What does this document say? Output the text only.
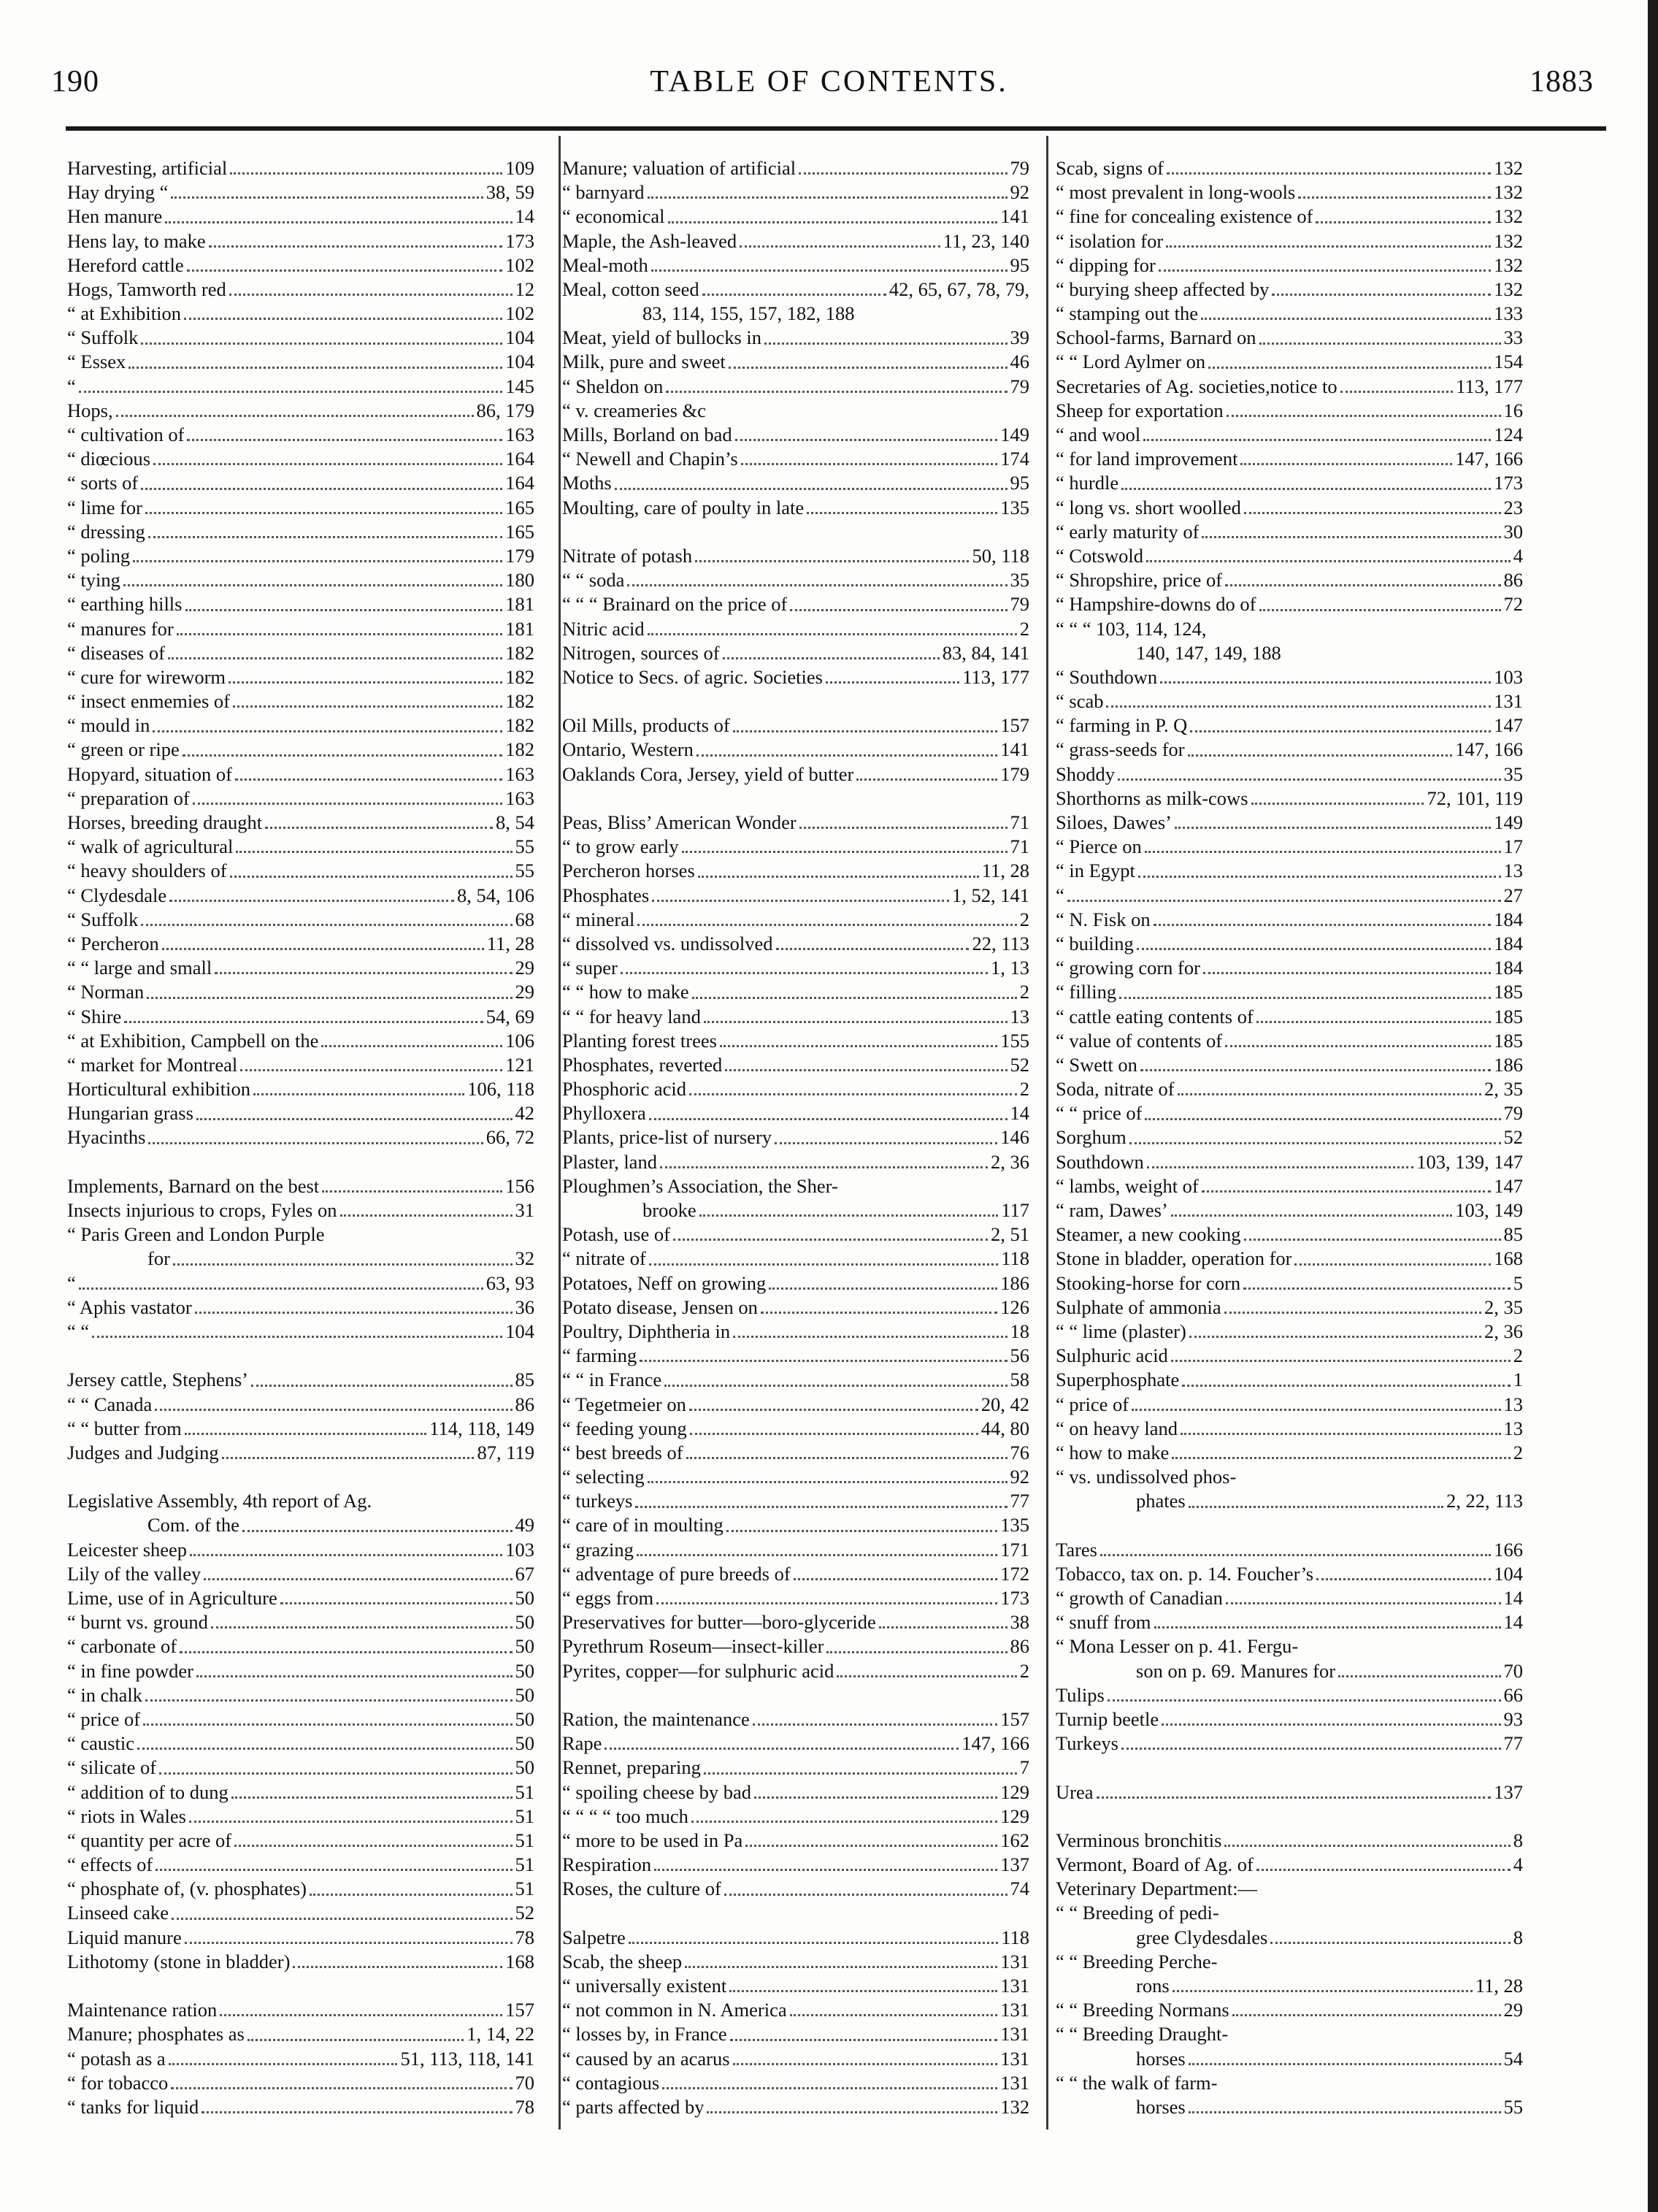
TABLE OF CONTENTS.
190	1883
Harvesting, artificial	109
Hay drying “	38, 59
Hen manure	14
Hens lay, to make	173
Hereford cattle	102
Hogs, Tamworth red	12
“ at Exhibition	102
“ Suffolk	104
“ Essex	104
“	145
Hops,	86, 179
“ cultivation of	163
“ diœcious	164
“ sorts of	164
“ lime for	165
“ dressing	165
“ poling	179
“ tying	180
“ earthing hills	181
“ manures for	181
“ diseases of	182
“ cure for wireworm	182
“ insect enmemies of	182
“ mould in	182
“ green or ripe	182
Hopyard, situation of	163
“ preparation of	163
Horses, breeding draught	8, 54
“ walk of agricultural	55
“ heavy shoulders of	55
“ Clydesdale	8, 54, 106
“ Suffolk	68
“ Percheron	11, 28
“ “ large and small	29
“ Norman	29
“ Shire	54, 69
“ at Exhibition, Campbell on the	106
“ market for Montreal	121
Horticultural exhibition	106, 118
Hungarian grass	42
Hyacinths	66, 72
Implements, Barnard on the best	156
Insects injurious to crops, Fyles on	31
“ Paris Green and London Purple
for	32
“	63, 93
“ Aphis vastator	36
“ “	104
Jersey cattle, Stephens’	85
“ “ Canada	86
“ “ butter from	114, 118, 149
Judges and Judging	87, 119
Legislative Assembly, 4th report of Ag.
Com. of the	49
Leicester sheep	103
Lily of the valley	67
Lime, use of in Agriculture	50
“ burnt vs. ground	50
“ carbonate of	50
“ in fine powder	50
“ in chalk	50
“ price of	50
“ caustic	50
“ silicate of	50
“ addition of to dung	51
“ riots in Wales	51
“ quantity per acre of	51
“ effects of	51
“ phosphate of, (v. phosphates)	51
Linseed cake	52
Liquid manure	78
Lithotomy (stone in bladder)	168
Maintenance ration	157
Manure; phosphates as	1, 14, 22
“ potash as a	51, 113, 118, 141
“ for tobacco	70
“ tanks for liquid	78
Manure; valuation of artificial	79
“ barnyard	92
“ economical	141
Maple, the Ash-leaved	11, 23, 140
Meal-moth	95
Meal, cotton seed	42, 65, 67, 78, 79,
83, 114, 155, 157, 182, 188
Meat, yield of bullocks in	39
Milk, pure and sweet	46
“ Sheldon on	79
“ v. creameries &c
Mills, Borland on bad	149
“ Newell and Chapin’s	174
Moths	95
Moulting, care of poulty in late	135
Nitrate of potash	50, 118
“ “ soda	35
“ “ “ Brainard on the price of	79
Nitric acid	2
Nitrogen, sources of	83, 84, 141
Notice to Secs. of agric. Societies	113, 177
Oil Mills, products of	157
Ontario, Western	141
Oaklands Cora, Jersey, yield of butter	179
Peas, Bliss’ American Wonder	71
“ to grow early	71
Percheron horses	11, 28
Phosphates	1, 52, 141
“ mineral	2
“ dissolved vs. undissolved	22, 113
“ super	1, 13
“ “ how to make	2
“ “ for heavy land	13
Planting forest trees	155
Phosphates, reverted	52
Phosphoric acid	2
Phylloxera	14
Plants, price-list of nursery	146
Plaster, land	2, 36
Ploughmen’s Association, the Sher-
brooke	117
Potash, use of	2, 51
“ nitrate of	118
Potatoes, Neff on growing	186
Potato disease, Jensen on	126
Poultry, Diphtheria in	18
“ farming	56
“ “ in France	58
“ Tegetmeier on	20, 42
“ feeding young	44, 80
“ best breeds of	76
“ selecting	92
“ turkeys	77
“ care of in moulting	135
“ grazing	171
“ adventage of pure breeds of	172
“ eggs from	173
Preservatives for butter—boro-glyceride	38
Pyrethrum Roseum—insect-killer	86
Pyrites, copper—for sulphuric acid	2
Ration, the maintenance	157
Rape	147, 166
Rennet, preparing	7
“ spoiling cheese by bad	129
“ “ “ “ too much	129
“ more to be used in Pa	162
Respiration	137
Roses, the culture of	74
Salpetre	118
Scab, the sheep	131
“ universally existent	131
“ not common in N. America	131
“ losses by, in France	131
“ caused by an acarus	131
“ contagious	131
“ parts affected by	132
Scab, signs of	132
“ most prevalent in long-wools	132
“ fine for concealing existence of	132
“ isolation for	132
“ dipping for	132
“ burying sheep affected by	132
“ stamping out the	133
School-farms, Barnard on	33
“ “ Lord Aylmer on	154
Secretaries of Ag. societies,notice to	113, 177
Sheep for exportation	16
“ and wool	124
“ for land improvement	147, 166
“ hurdle	173
“ long vs. short woolled	23
“ early maturity of	30
“ Cotswold	4
“ Shropshire, price of	86
“ Hampshire-downs do of	72
“ “ “ 103, 114, 124,
140, 147, 149, 188
“ Southdown	103
“ scab	131
“ farming in P. Q	147
“ grass-seeds for	147, 166
Shoddy	35
Shorthorns as milk-cows	72, 101, 119
Siloes, Dawes’	149
“ Pierce on	17
“ in Egypt	13
“	27
“ N. Fisk on	184
“ building	184
“ growing corn for	184
“ filling	185
“ cattle eating contents of	185
“ value of contents of	185
“ Swett on	186
Soda, nitrate of	2, 35
“ “ price of	79
Sorghum	52
Southdown	103, 139, 147
“ lambs, weight of	147
“ ram, Dawes’	103, 149
Steamer, a new cooking	85
Stone in bladder, operation for	168
Stooking-horse for corn	5
Sulphate of ammonia	2, 35
“ “ lime (plaster)	2, 36
Sulphuric acid	2
Superphosphate	1
“ price of	13
“ on heavy land	13
“ how to make	2
“ vs. undissolved phos-
phates	2, 22, 113
Tares	166
Tobacco, tax on. p. 14. Foucher’s	104
“ growth of Canadian	14
“ snuff from	14
“ Mona Lesser on p. 41. Fergu-
son on p. 69. Manures for	70
Tulips	66
Turnip beetle	93
Turkeys	77
Urea	137
Verminous bronchitis	8
Vermont, Board of Ag. of	4
Veterinary Department:—
“ “ Breeding of pedi-
gree Clydesdales	8
“ “ Breeding Perche-
rons	11, 28
“ “ Breeding Normans	29
“ “ Breeding Draught-
horses	54
“ “ the walk of farm-
horses	55
